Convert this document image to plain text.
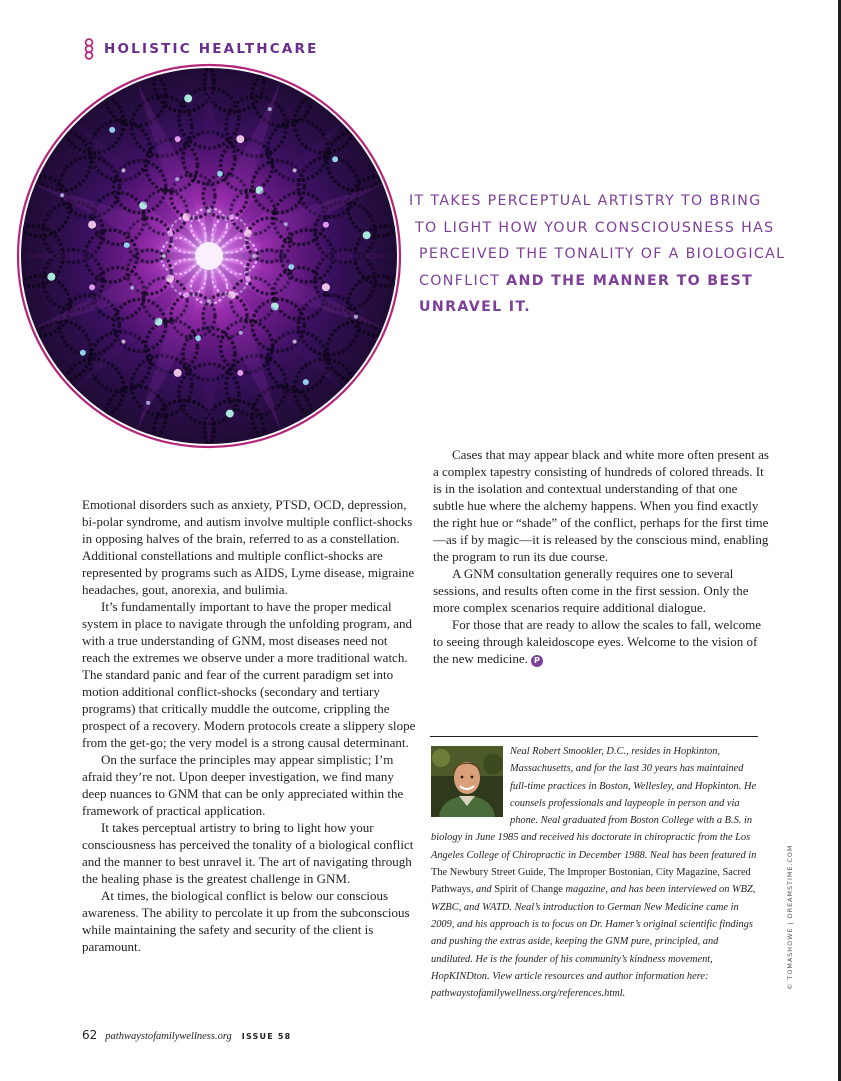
HOLISTIC HEALTHCARE
IT TAKES PERCEPTUAL ARTISTRY TO BRING
TO LIGHT HOW YOUR CONSCIOUSNESS HAS
PERCEIVED THE TONALITY OF A BIOLOGICAL
CONFLICT AND THE MANNER TO BEST
UNRAVEL IT.

Emotional disorders such as anxiety, PTSD, OCD, depression, bi-polar syndrome, and autism involve multiple conflict-shocks in opposing halves of the brain, referred to as a constellation. Additional constellations and multiple conflict-shocks are represented by programs such as AIDS, Lyme disease, migraine headaches, gout, anorexia, and bulimia.

It’s fundamentally important to have the proper medical system in place to navigate through the unfolding program, and with a true understanding of GNM, most diseases need not reach the extremes we observe under a more traditional watch. The standard panic and fear of the current paradigm set into motion additional conflict-shocks (secondary and tertiary programs) that critically muddle the outcome, crippling the prospect of a recovery. Modern protocols create a slippery slope from the get-go; the very model is a strong causal determinant.

On the surface the principles may appear simplistic; I’m afraid they’re not. Upon deeper investigation, we find many deep nuances to GNM that can be only appreciated within the framework of practical application.

It takes perceptual artistry to bring to light how your consciousness has perceived the tonality of a biological conflict and the manner to best unravel it. The art of navigating through the healing phase is the greatest challenge in GNM.

At times, the biological conflict is below our conscious awareness. The ability to percolate it up from the subconscious while maintaining the safety and security of the client is paramount.

Cases that may appear black and white more often present as a complex tapestry consisting of hundreds of colored threads. It is in the isolation and contextual understanding of that one subtle hue where the alchemy happens. When you find exactly the right hue or “shade” of the conflict, perhaps for the first time—as if by magic—it is released by the conscious mind, enabling the program to run its due course.

A GNM consultation generally requires one to several sessions, and results often come in the first session. Only the more complex scenarios require additional dialogue.

For those that are ready to allow the scales to fall, welcome to seeing through kaleidoscope eyes. Welcome to the vision of the new medicine. P

Neal Robert Smookler, D.C., resides in Hopkinton, Massachusetts, and for the last 30 years has maintained full-time practices in Boston, Wellesley, and Hopkinton. He counsels professionals and laypeople in person and via phone. Neal graduated from Boston College with a B.S. in biology in June 1985 and received his doctorate in chiropractic from the Los Angeles College of Chiropractic in December 1988. Neal has been featured in The Newbury Street Guide, The Improper Bostonian, City Magazine, Sacred Pathways, and Spirit of Change magazine, and has been interviewed on WBZ, WZBC, and WATD. Neal’s introduction to German New Medicine came in 2009, and his approach is to focus on Dr. Hamer’s original scientific findings and pushing the extras aside, keeping the GNM pure, principled, and undiluted. He is the founder of his community’s kindness movement, HopKINDton. View article resources and author information here: pathwaystofamilywellness.org/references.html.
© TOMASHOWE | DREAMSTIME.COM
62 pathwaystofamilywellness.org ISSUE 58
